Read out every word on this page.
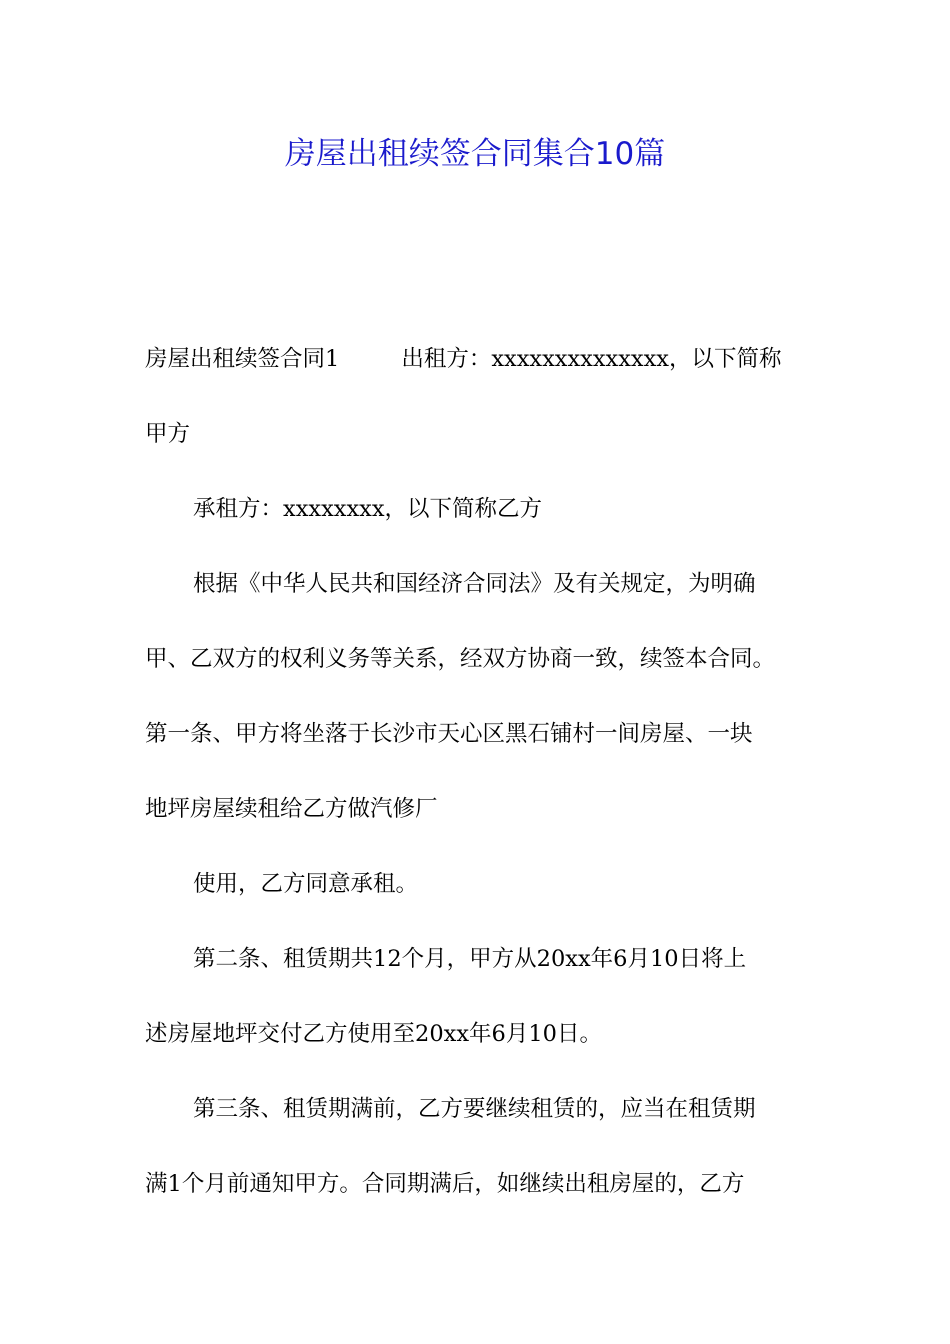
房屋出租续签合同集合10篇
房屋出租续签合同1	出租方：xxxxxxxxxxxxxx，以下简称
甲方
承租方：xxxxxxxx，以下简称乙方
根据《中华人民共和国经济合同法》及有关规定，为明确
甲、乙双方的权利义务等关系，经双方协商一致，续签本合同。
第一条、甲方将坐落于长沙市天心区黑石铺村一间房屋、一块
地坪房屋续租给乙方做汽修厂
使用，乙方同意承租。
第二条、租赁期共12个月，甲方从20xx年6月10日将上
述房屋地坪交付乙方使用至20xx年6月10日。
第三条、租赁期满前，乙方要继续租赁的，应当在租赁期
满1个月前通知甲方。合同期满后，如继续出租房屋的，乙方
